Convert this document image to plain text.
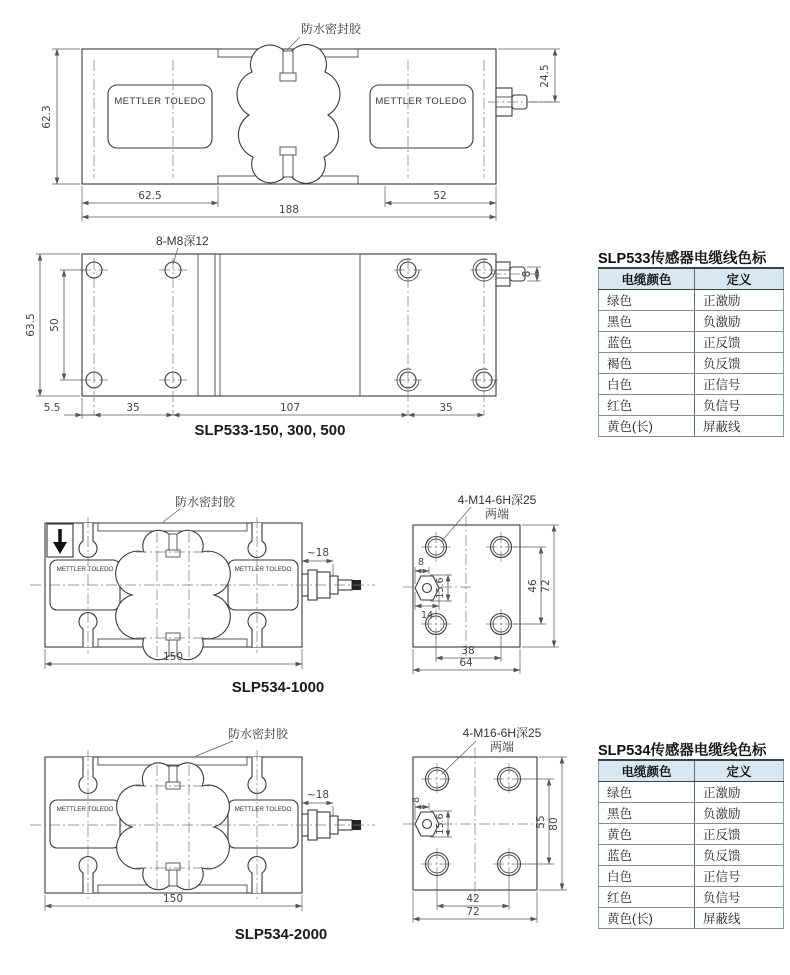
METTLER TOLEDO	METTLER TOLEDO
防水密封胶
62.3
62.5	52
188
24.5
8-M8深12
63.5 50
5.5	35	107	35
8
SLP533-150, 300, 500
METTLER TOLEDO	METTLER TOLEDO
防水密封胶
~18
150
SLP534-1000
4-M14-6H深25
两端
8
15.6
14
46 72
38
64
METTLER TOLEDO	METTLER TOLEDO
防水密封胶
~18
150
SLP534-2000
4-M16-6H深25
两端
8
15.6	55 80
42
72
SLP533传感器电缆线色标
电缆颜色	定义
绿色	正激励
黑色	负激励
蓝色	正反馈
褐色	负反馈
白色	正信号
红色	负信号
黄色(长)	屏蔽线
SLP534传感器电缆线色标
电缆颜色	定义
绿色	正激励
黑色	负激励
黄色	正反馈
蓝色	负反馈
白色	正信号
红色	负信号
黄色(长)	屏蔽线
